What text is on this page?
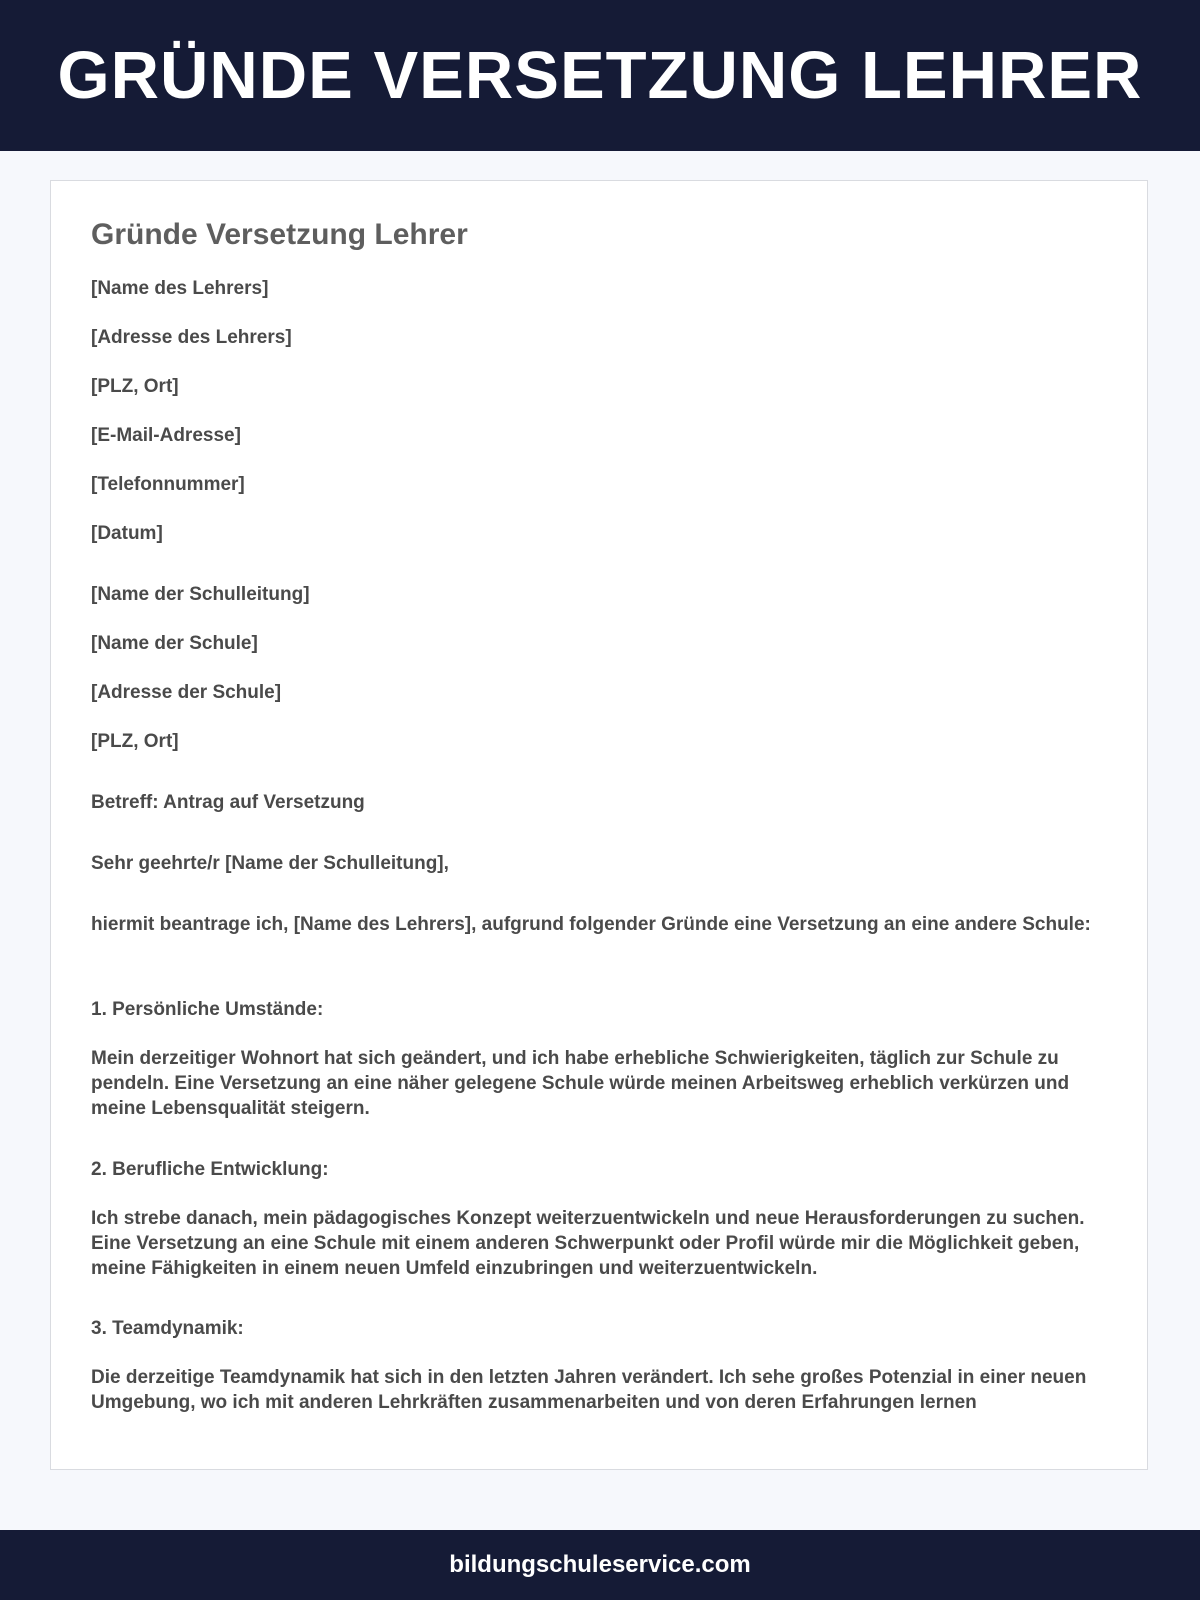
GRÜNDE VERSETZUNG LEHRER
Gründe Versetzung Lehrer

[Name des Lehrers]

[Adresse des Lehrers]

[PLZ, Ort]

[E-Mail-Adresse]

[Telefonnummer]

[Datum]

[Name der Schulleitung]

[Name der Schule]

[Adresse der Schule]

[PLZ, Ort]

Betreff: Antrag auf Versetzung

Sehr geehrte/r [Name der Schulleitung],

hiermit beantrage ich, [Name des Lehrers], aufgrund folgender Gründe eine Versetzung an eine andere Schule:

1. Persönliche Umstände:

Mein derzeitiger Wohnort hat sich geändert, und ich habe erhebliche Schwierigkeiten, täglich zur Schule zu pendeln. Eine Versetzung an eine näher gelegene Schule würde meinen Arbeitsweg erheblich verkürzen und meine Lebensqualität steigern.

2. Berufliche Entwicklung:

Ich strebe danach, mein pädagogisches Konzept weiterzuentwickeln und neue Herausforderungen zu suchen. Eine Versetzung an eine Schule mit einem anderen Schwerpunkt oder Profil würde mir die Möglichkeit geben, meine Fähigkeiten in einem neuen Umfeld einzubringen und weiterzuentwickeln.

3. Teamdynamik:

Die derzeitige Teamdynamik hat sich in den letzten Jahren verändert. Ich sehe großes Potenzial in einer neuen Umgebung, wo ich mit anderen Lehrkräften zusammenarbeiten und von deren Erfahrungen lernen

bildungschuleservice.com
